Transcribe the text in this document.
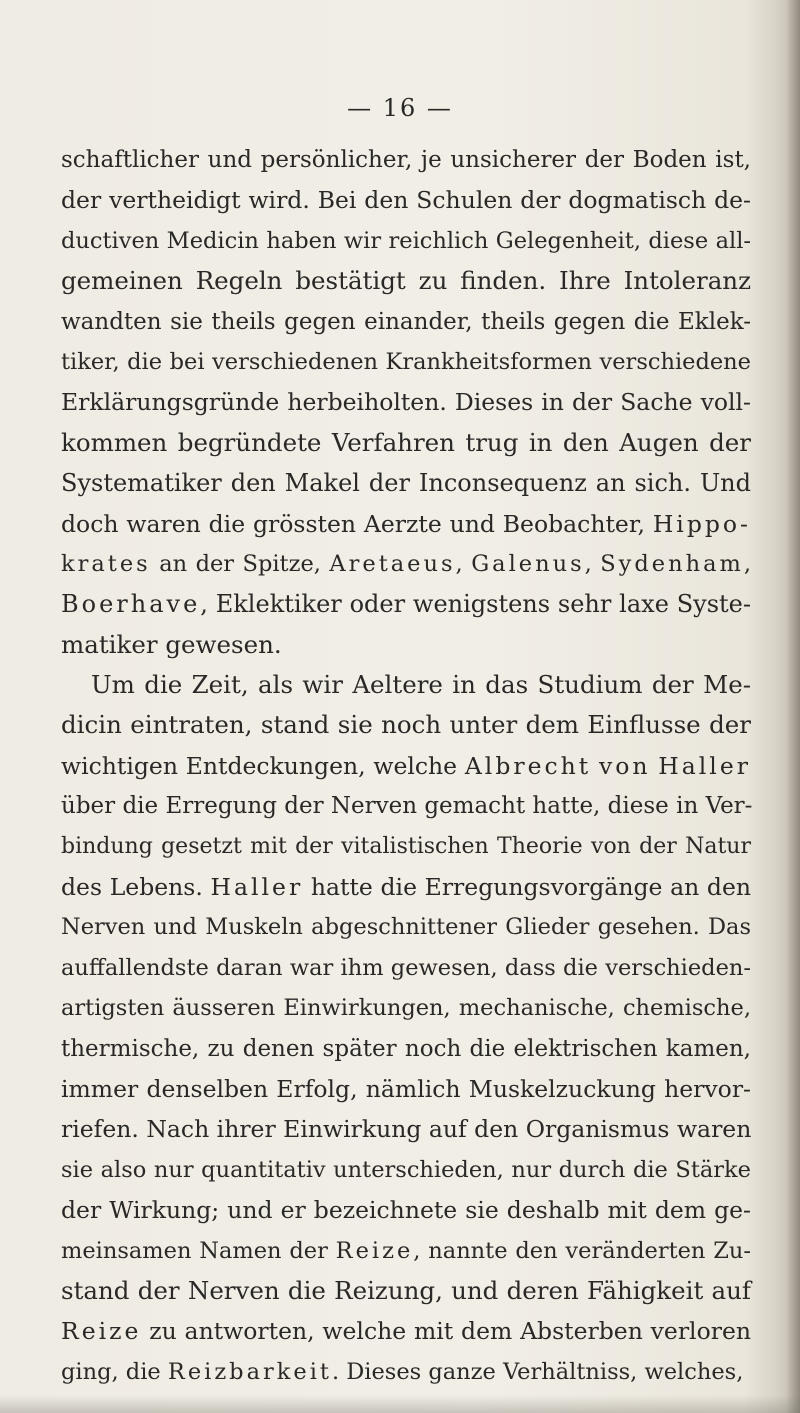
— 16 —
schaftlicher und persönlicher, je unsicherer der Boden ist,
der vertheidigt wird. Bei den Schulen der dogmatisch de-
ductiven Medicin haben wir reichlich Gelegenheit, diese all-
gemeinen Regeln bestätigt zu finden. Ihre Intoleranz
wandten sie theils gegen einander, theils gegen die Eklek-
tiker, die bei verschiedenen Krankheitsformen verschiedene
Erklärungsgründe herbeiholten. Dieses in der Sache voll-
kommen begründete Verfahren trug in den Augen der
Systematiker den Makel der Inconsequenz an sich. Und
doch waren die grössten Aerzte und Beobachter, Hippo-
krates an der Spitze, Aretaeus, Galenus, Sydenham,
Boerhave, Eklektiker oder wenigstens sehr laxe Syste-
matiker gewesen.
Um die Zeit, als wir Aeltere in das Studium der Me-
dicin eintraten, stand sie noch unter dem Einflusse der
wichtigen Entdeckungen, welche Albrecht von Haller
über die Erregung der Nerven gemacht hatte, diese in Ver-
bindung gesetzt mit der vitalistischen Theorie von der Natur
des Lebens. Haller hatte die Erregungsvorgänge an den
Nerven und Muskeln abgeschnittener Glieder gesehen. Das
auffallendste daran war ihm gewesen, dass die verschieden-
artigsten äusseren Einwirkungen, mechanische, chemische,
thermische, zu denen später noch die elektrischen kamen,
immer denselben Erfolg, nämlich Muskelzuckung hervor-
riefen. Nach ihrer Einwirkung auf den Organismus waren
sie also nur quantitativ unterschieden, nur durch die Stärke
der Wirkung; und er bezeichnete sie deshalb mit dem ge-
meinsamen Namen der Reize, nannte den veränderten Zu-
stand der Nerven die Reizung, und deren Fähigkeit auf
Reize zu antworten, welche mit dem Absterben verloren
ging, die Reizbarkeit. Dieses ganze Verhältniss, welches,
